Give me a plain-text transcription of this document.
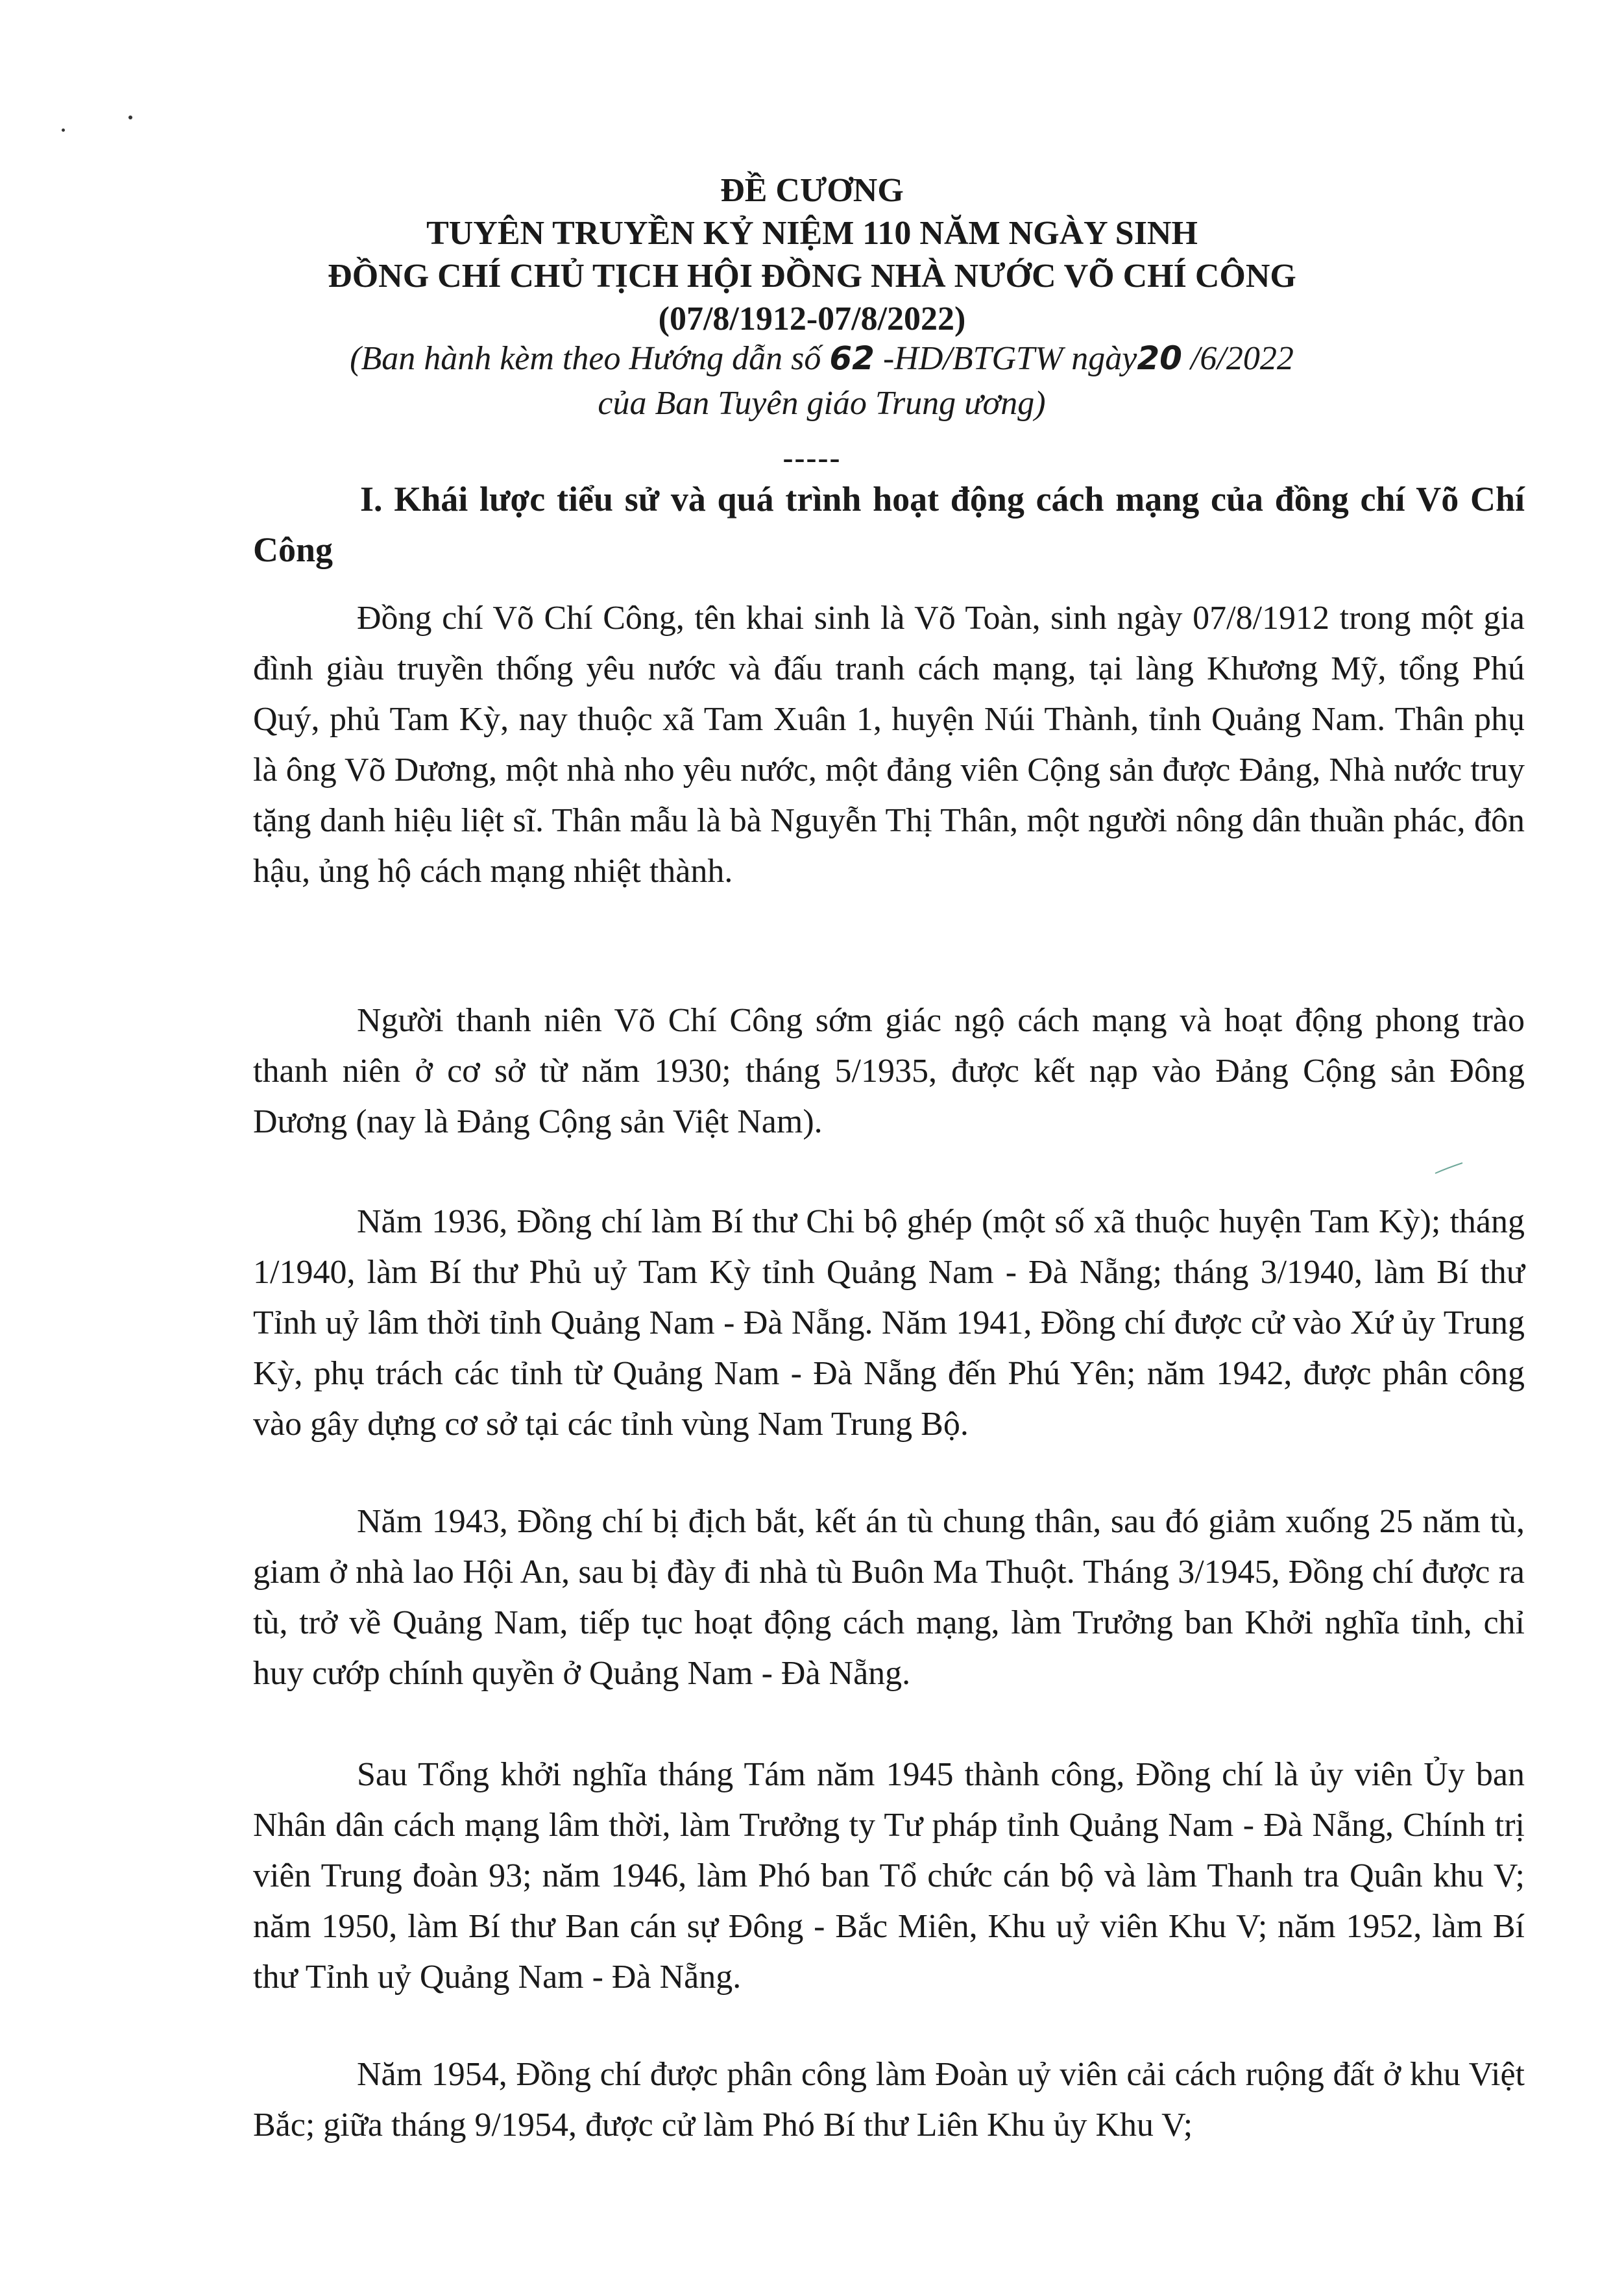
ĐỀ CƯƠNG
TUYÊN TRUYỀN KỶ NIỆM 110 NĂM NGÀY SINH
ĐỒNG CHÍ CHỦ TỊCH HỘI ĐỒNG NHÀ NƯỚC VÕ CHÍ CÔNG
(07/8/1912-07/8/2022)
(Ban hành kèm theo Hướng dẫn số 62 -HD/BTGTW ngày20 /6/2022
của Ban Tuyên giáo Trung ương)
-----
I. Khái lược tiểu sử và quá trình hoạt động cách mạng của đồng chí Võ Chí Công

Đồng chí Võ Chí Công, tên khai sinh là Võ Toàn, sinh ngày 07/8/1912 trong một gia đình giàu truyền thống yêu nước và đấu tranh cách mạng, tại làng Khương Mỹ, tổng Phú Quý, phủ Tam Kỳ, nay thuộc xã Tam Xuân 1, huyện Núi Thành, tỉnh Quảng Nam. Thân phụ là ông Võ Dương, một nhà nho yêu nước, một đảng viên Cộng sản được Đảng, Nhà nước truy tặng danh hiệu liệt sĩ. Thân mẫu là bà Nguyễn Thị Thân, một người nông dân thuần phác, đôn hậu, ủng hộ cách mạng nhiệt thành.

Người thanh niên Võ Chí Công sớm giác ngộ cách mạng và hoạt động phong trào thanh niên ở cơ sở từ năm 1930; tháng 5/1935, được kết nạp vào Đảng Cộng sản Đông Dương (nay là Đảng Cộng sản Việt Nam).

Năm 1936, Đồng chí làm Bí thư Chi bộ ghép (một số xã thuộc huyện Tam Kỳ); tháng 1/1940, làm Bí thư Phủ uỷ Tam Kỳ tỉnh Quảng Nam - Đà Nẵng; tháng 3/1940, làm Bí thư Tỉnh uỷ lâm thời tỉnh Quảng Nam - Đà Nẵng. Năm 1941, Đồng chí được cử vào Xứ ủy Trung Kỳ, phụ trách các tỉnh từ Quảng Nam - Đà Nẵng đến Phú Yên; năm 1942, được phân công vào gây dựng cơ sở tại các tỉnh vùng Nam Trung Bộ.

Năm 1943, Đồng chí bị địch bắt, kết án tù chung thân, sau đó giảm xuống 25 năm tù, giam ở nhà lao Hội An, sau bị đày đi nhà tù Buôn Ma Thuột. Tháng 3/1945, Đồng chí được ra tù, trở về Quảng Nam, tiếp tục hoạt động cách mạng, làm Trưởng ban Khởi nghĩa tỉnh, chỉ huy cướp chính quyền ở Quảng Nam - Đà Nẵng.

Sau Tổng khởi nghĩa tháng Tám năm 1945 thành công, Đồng chí là ủy viên Ủy ban Nhân dân cách mạng lâm thời, làm Trưởng ty Tư pháp tỉnh Quảng Nam - Đà Nẵng, Chính trị viên Trung đoàn 93; năm 1946, làm Phó ban Tổ chức cán bộ và làm Thanh tra Quân khu V; năm 1950, làm Bí thư Ban cán sự Đông - Bắc Miên, Khu uỷ viên Khu V; năm 1952, làm Bí thư Tỉnh uỷ Quảng Nam - Đà Nẵng.

Năm 1954, Đồng chí được phân công làm Đoàn uỷ viên cải cách ruộng đất ở khu Việt Bắc; giữa tháng 9/1954, được cử làm Phó Bí thư Liên Khu ủy Khu V;
